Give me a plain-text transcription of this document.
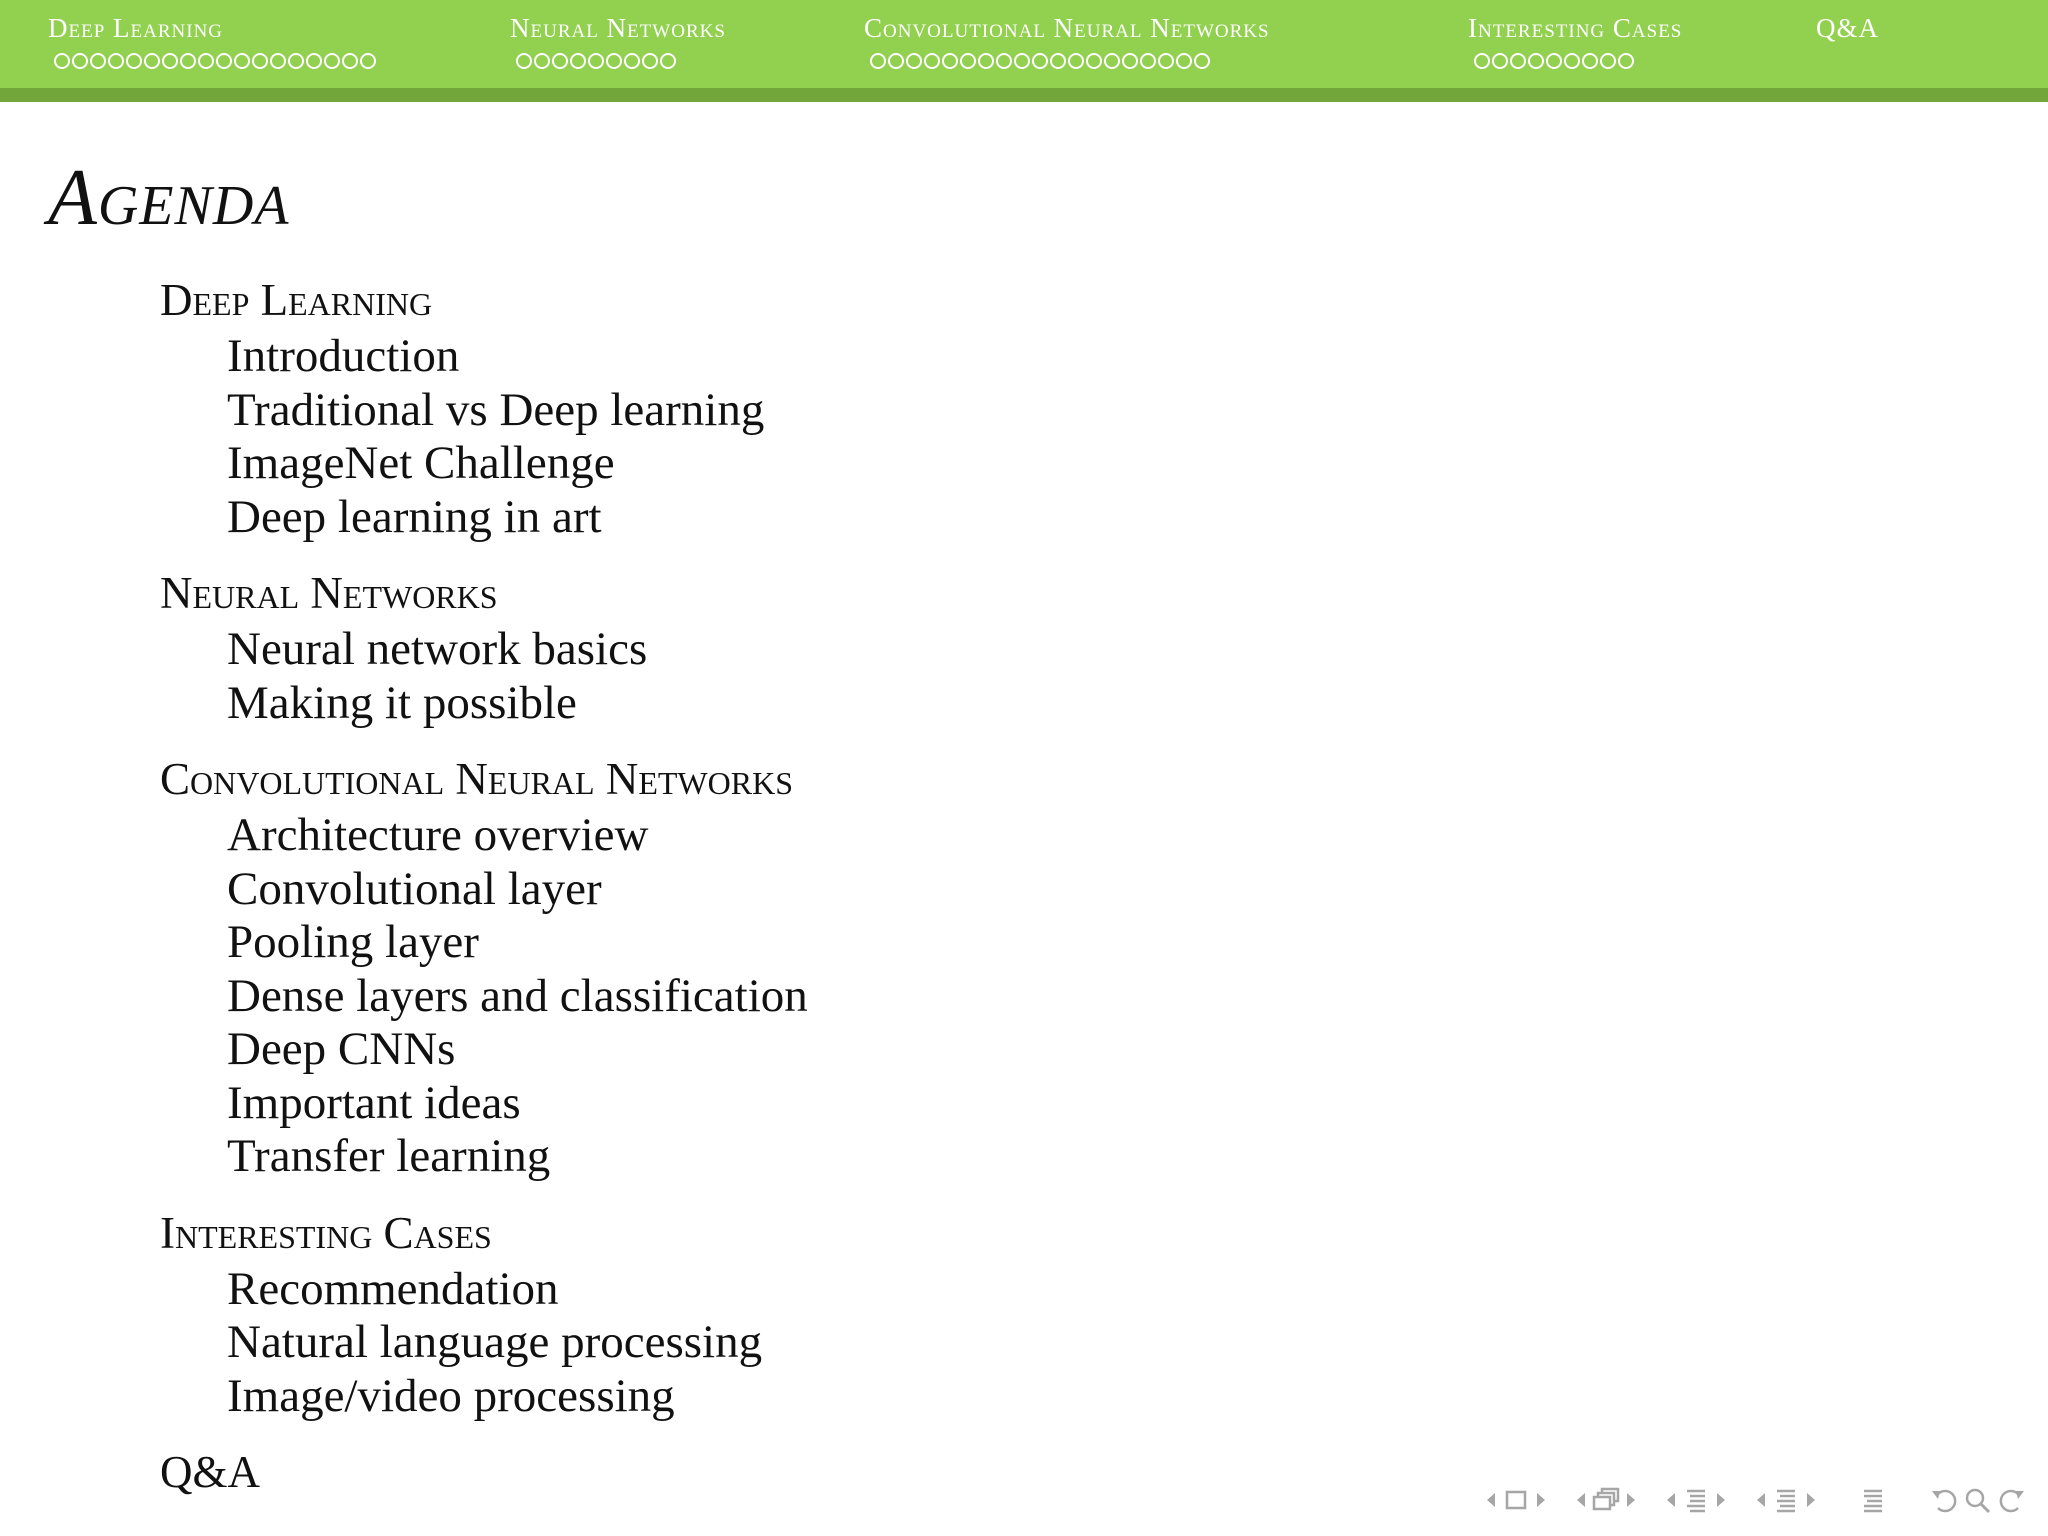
Deep Learning	Neural Networks	Convolutional Neural Networks	Interesting Cases	Q&A
Agenda
Deep Learning
Introduction
Traditional vs Deep learning
ImageNet Challenge
Deep learning in art
Neural Networks
Neural network basics
Making it possible
Convolutional Neural Networks
Architecture overview
Convolutional layer
Pooling layer
Dense layers and classification
Deep CNNs
Important ideas
Transfer learning
Interesting Cases
Recommendation
Natural language processing
Image/video processing
Q&A
